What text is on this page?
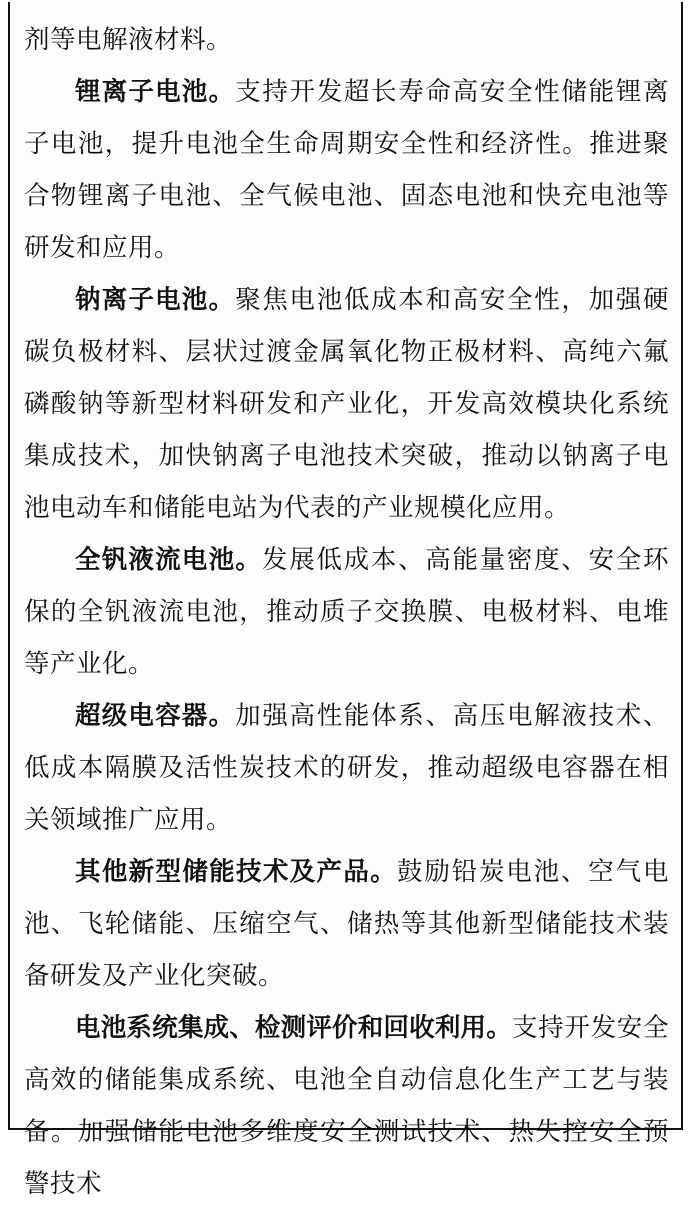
剂等电解液材料。

锂离子电池。支持开发超长寿命高安全性储能锂离子电池，提升电池全生命周期安全性和经济性。推进聚合物锂离子电池、全气候电池、固态电池和快充电池等研发和应用。

钠离子电池。聚焦电池低成本和高安全性，加强硬碳负极材料、层状过渡金属氧化物正极材料、高纯六氟磷酸钠等新型材料研发和产业化，开发高效模块化系统集成技术，加快钠离子电池技术突破，推动以钠离子电池电动车和储能电站为代表的产业规模化应用。

全钒液流电池。发展低成本、高能量密度、安全环保的全钒液流电池，推动质子交换膜、电极材料、电堆等产业化。

超级电容器。加强高性能体系、高压电解液技术、低成本隔膜及活性炭技术的研发，推动超级电容器在相关领域推广应用。

其他新型储能技术及产品。鼓励铅炭电池、空气电池、飞轮储能、压缩空气、储热等其他新型储能技术装备研发及产业化突破。

电池系统集成、检测评价和回收利用。支持开发安全高效的储能集成系统、电池全自动信息化生产工艺与装备。加强储能电池多维度安全测试技术、热失控安全预警技术
